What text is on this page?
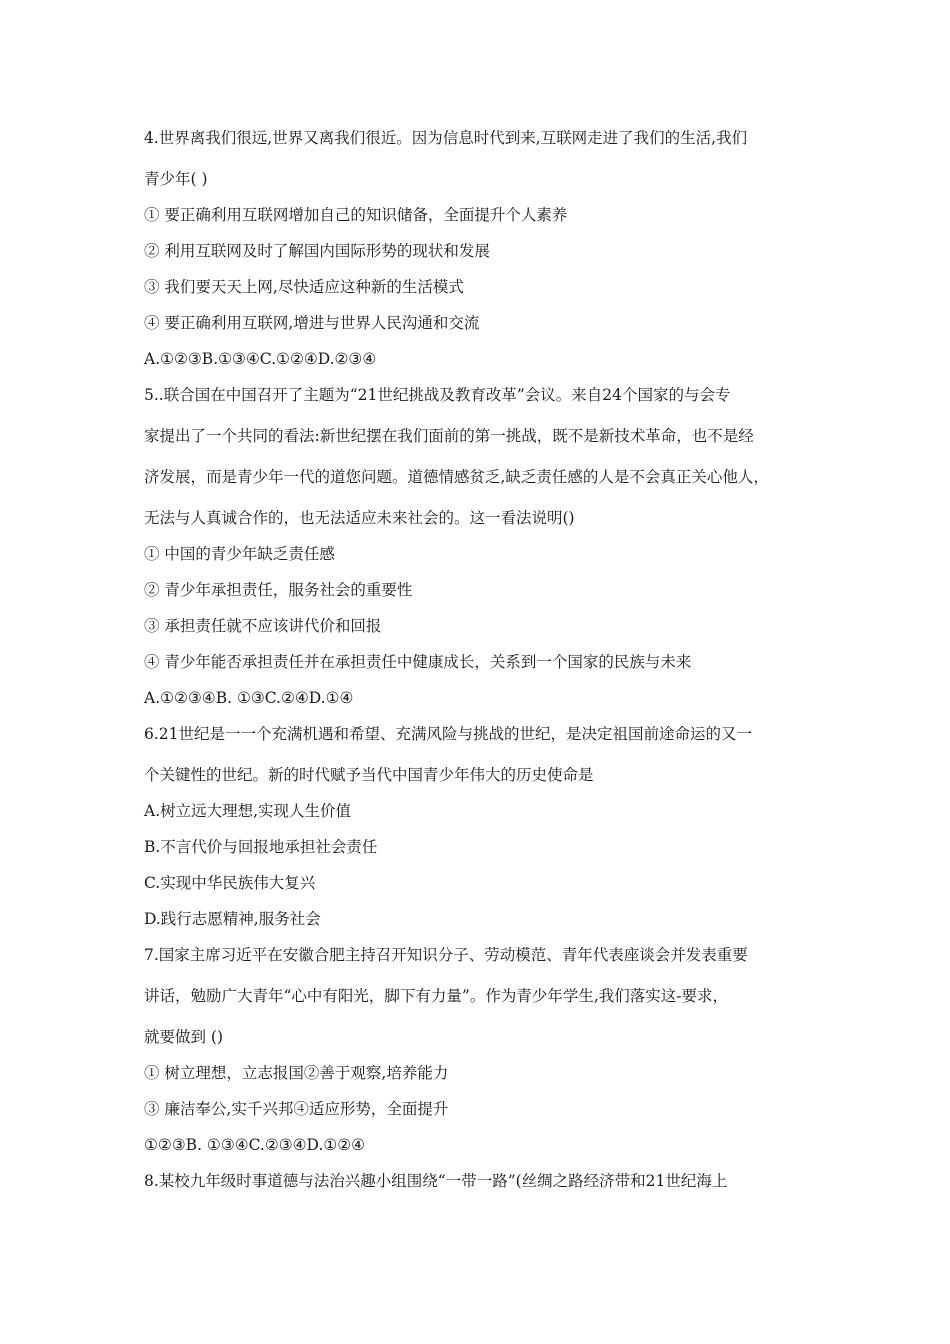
4.世界离我们很远,世界又离我们很近。因为信息时代到来,互联网走进了我们的生活,我们
青少年( )
① 要正确利用互联网增加自己的知识储备，全面提升个人素养
② 利用互联网及时了解国内国际形势的现状和发展
③ 我们要天天上网,尽快适应这种新的生活模式
④ 要正确利用互联网,增进与世界人民沟通和交流
A.①②③B.①③④C.①②④D.②③④
5..联合国在中国召开了主题为“21世纪挑战及教育改革”会议。来自24个国家的与会专
家提出了一个共同的看法:新世纪摆在我们面前的第一挑战，既不是新技术革命，也不是经
济发展，而是青少年一代的道您问题。道德情感贫乏,缺乏责任感的人是不会真正关心他人，
无法与人真诚合作的，也无法适应未来社会的。这一看法说明()
① 中国的青少年缺乏责任感
② 青少年承担责任，服务社会的重要性
③ 承担责任就不应该讲代价和回报
④ 青少年能否承担责任并在承担责任中健康成长，关系到一个国家的民族与未来
A.①②③④B. ①③C.②④D.①④
6.21世纪是一一个充满机遇和希望、充满风险与挑战的世纪，是决定祖国前途命运的又一
个关键性的世纪。新的时代赋予当代中国青少年伟大的历史使命是
A.树立远大理想,实现人生价值
B.不言代价与回报地承担社会责任
C.实现中华民族伟大复兴
D.践行志愿精神,服务社会
7.国家主席习近平在安徽合肥主持召开知识分子、劳动模范、青年代表座谈会并发表重要
讲话，勉励广大青年“心中有阳光，脚下有力量”。作为青少年学生,我们落实这-要求，
就要做到 ()
① 树立理想，立志报国②善于观察,培养能力
③ 廉洁奉公,实千兴邦④适应形势，全面提升
①②③B. ①③④C.②③④D.①②④
8.某校九年级时事道德与法治兴趣小组围绕“一带一路”(丝绸之路经济带和21世纪海上
